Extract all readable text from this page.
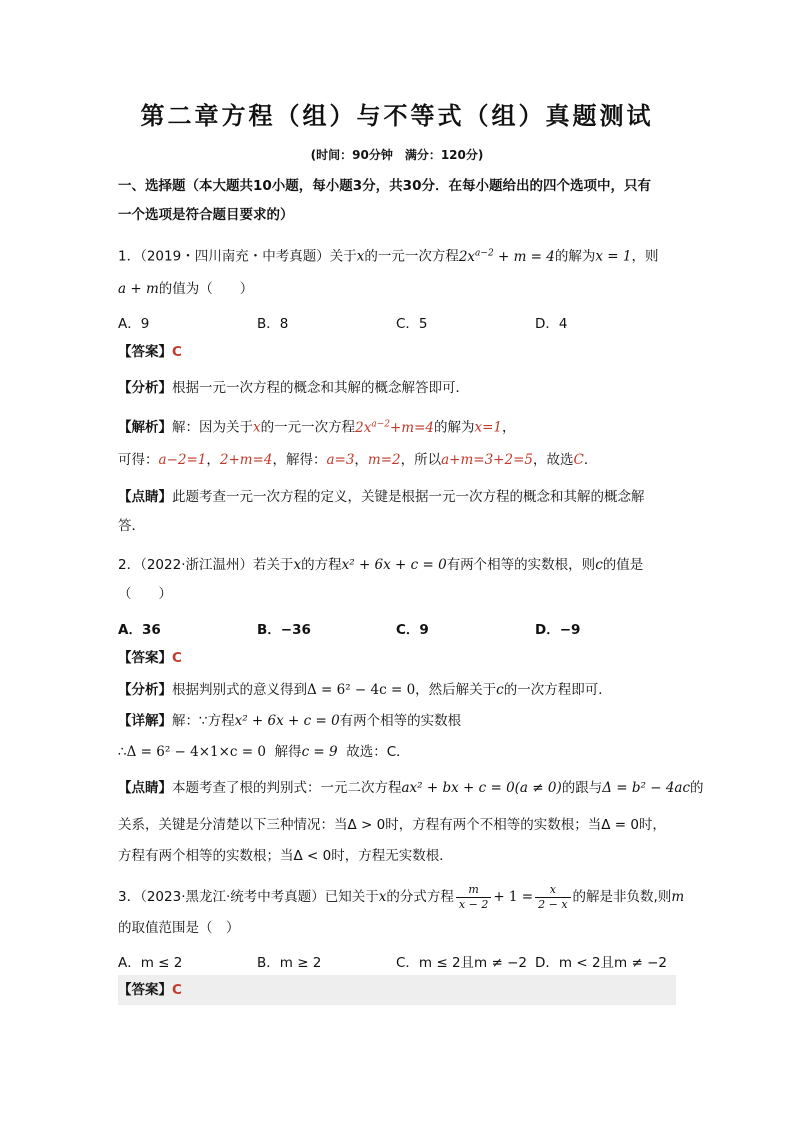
第二章方程（组）与不等式（组）真题测试
(时间：90分钟　满分：120分)
一、选择题（本大题共10小题，每小题3分，共30分．在每小题给出的四个选项中，只有
一个选项是符合题目要求的）
1．（2019・四川南充・中考真题）关于x的一元一次方程$2x^{a-2} + m = 4$的解为x = 1，则
a + m的值为（　　）
A．9	B．8	C．5	D．4
【答案】C
【分析】根据一元一次方程的概念和其解的概念解答即可．
【解析】解：因为关于x的一元一次方程$2x^{a-2}+m=4$的解为x=1，
可得：a−2=1，2+m=4，解得：a=3，m=2，所以a+m=3+2=5，故选C．
【点睛】此题考查一元一次方程的定义，关键是根据一元一次方程的概念和其解的概念解
答．
2．（2022·浙江温州）若关于x的方程x² + 6x + c = 0有两个相等的实数根，则c的值是
（　　）
A．36	B．−36	C．9	D．−9
【答案】C
【分析】根据判别式的意义得到Δ = 6² − 4c = 0，然后解关于c的一次方程即可．
【详解】解：∵方程x² + 6x + c = 0有两个相等的实数根
∴Δ = 6² − 4×1×c = 0 解得c = 9 故选：C．
【点睛】本题考查了根的判别式：一元二次方程ax² + bx + c = 0(a ≠ 0)的跟与Δ = b² − 4ac的
关系，关键是分清楚以下三种情况：当Δ > 0时，方程有两个不相等的实数根；当Δ = 0时，
方程有两个相等的实数根；当Δ < 0时，方程无实数根．
3．（2023·黑龙江·统考中考真题）已知关于x的分式方程 $\frac{m}{x - 2} + 1 = \frac{x}{2 - x}$ 的解是非负数,则m
的取值范围是（　）
A．m ≤ 2	B．m ≥ 2	C．m ≤ 2且m ≠ −2 D．m < 2且m ≠ −2
【答案】C
